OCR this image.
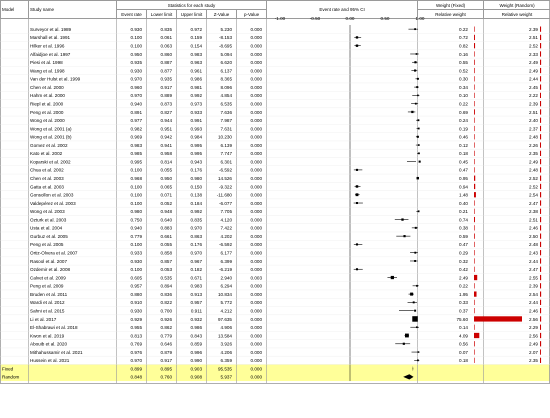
Model	Study name	Statistics for each study					Event rate and 95% CI	Weight (Fixed)	Weight (Random)
		Event rate	Lower limit	Upper limit	Z-Value	p-Value		Relative weight	Relative weight
-1.00	-0.50	0.00	0.50	1.00
Surveyor et al. 1989	0.930	0.835	0.972	5.230	0.000	0.22	2.39
Marshall et al. 1991	0.100	0.061	0.159	-8.153	0.000	0.72	2.51
Hilker et al. 1996	0.100	0.063	0.154	-8.695	0.000	0.82	2.52
Alfaidjoe et al. 1997	0.950	0.860	0.983	5.094	0.000	0.16	2.33
Piesi et al. 1998	0.935	0.887	0.963	6.620	0.000	0.55	2.49
Wang et al. 1998	0.930	0.877	0.961	6.137	0.000	0.52	2.49
Van der Hulst et al. 1999	0.970	0.935	0.986	8.365	0.000	0.30	2.44
Chen et al. 2000	0.960	0.917	0.981	8.096	0.000	0.34	2.45
Hahm et al. 2000	0.970	0.889	0.992	4.854	0.000	0.10	2.22
Riepl et al. 2000	0.940	0.873	0.973	6.535	0.000	0.22	2.39
Peng et al. 2000	0.891	0.827	0.933	7.636	0.000	0.69	2.51
Wong et al. 2000	0.977	0.944	0.991	7.987	0.000	0.24	2.40
Wong et al. 2001 (a)	0.982	0.951	0.993	7.631	0.000	0.19	2.37
Wong et al. 2001 (b)	0.969	0.942	0.984	10.230	0.000	0.46	2.48
Gomez et al. 2002	0.983	0.941	0.995	6.139	0.000	0.12	2.26
Kato et al. 2002	0.985	0.958	0.995	7.747	0.000	0.18	2.35
Koparski et al. 2002	0.995	0.814	0.943	6.301	0.000	0.45	2.49
Chua et al. 2002	0.100	0.055	0.176	-6.592	0.000	0.47	2.48
Chen et al. 2003	0.968	0.950	0.980	14.526	0.000	0.95	2.52
Gatta et al. 2003	0.100	0.065	0.150	-9.322	0.000	0.94	2.52
Gonsollon et al. 2003	0.100	0.071	0.138	-11.680	0.000	1.48	2.54
Valdepérez et al. 2003	0.100	0.052	0.184	-6.077	0.000	0.40	2.47
Wong et al. 2003	0.980	0.948	0.992	7.705	0.000	0.21	2.38
Ozturk et al. 2003	0.750	0.640	0.835	4.120	0.000	0.74	2.51
Usta et al. 2004	0.940	0.883	0.970	7.422	0.000	0.38	2.46
Gurbuz et al. 2005	0.779	0.661	0.863	4.202	0.000	0.59	2.50
Peng et al. 2005	0.100	0.055	0.176	-6.592	0.000	0.47	2.48
Ortiz-Olvera et al. 2007	0.933	0.858	0.970	6.177	0.000	0.29	2.43
Rasool et al. 2007	0.930	0.857	0.967	6.399	0.000	0.32	2.44
Ozdemir et al. 2008	0.100	0.053	0.182	-6.219	0.000	0.42	2.47
Calvet et al. 2009	0.605	0.535	0.671	2.940	0.003	2.49	2.55
Peng et al. 2009	0.957	0.894	0.983	6.294	0.000	0.22	2.39
Bruden et al. 2011	0.880	0.836	0.913	10.834	0.000	1.95	2.54
Wardi et al. 2012	0.910	0.822	0.957	5.772	0.000	0.33	2.44
Sahni et al. 2015	0.930	0.700	0.911	4.212	0.000	0.37	2.46
Li et al. 2017	0.929	0.926	0.932	97.635	0.000	75.60	2.56
El-Shabrawi et al. 2018	0.955	0.862	0.986	4.906	0.000	0.14	2.29
Kwon et al. 2019	0.813	0.779	0.843	13.584	0.000	4.09	2.56
Abouib et al. 2020	0.769	0.646	0.859	3.926	0.000	0.56	2.49
Mithahussamir et al. 2021	0.976	0.879	0.996	4.206	0.000	0.07	2.07
Hussein et al. 2021	0.970	0.917	0.990	6.359	0.000	0.18	2.35
Fixed	0.899	0.895	0.903	95.535	0.000
Random	0.848	0.760	0.908	5.937	0.000
